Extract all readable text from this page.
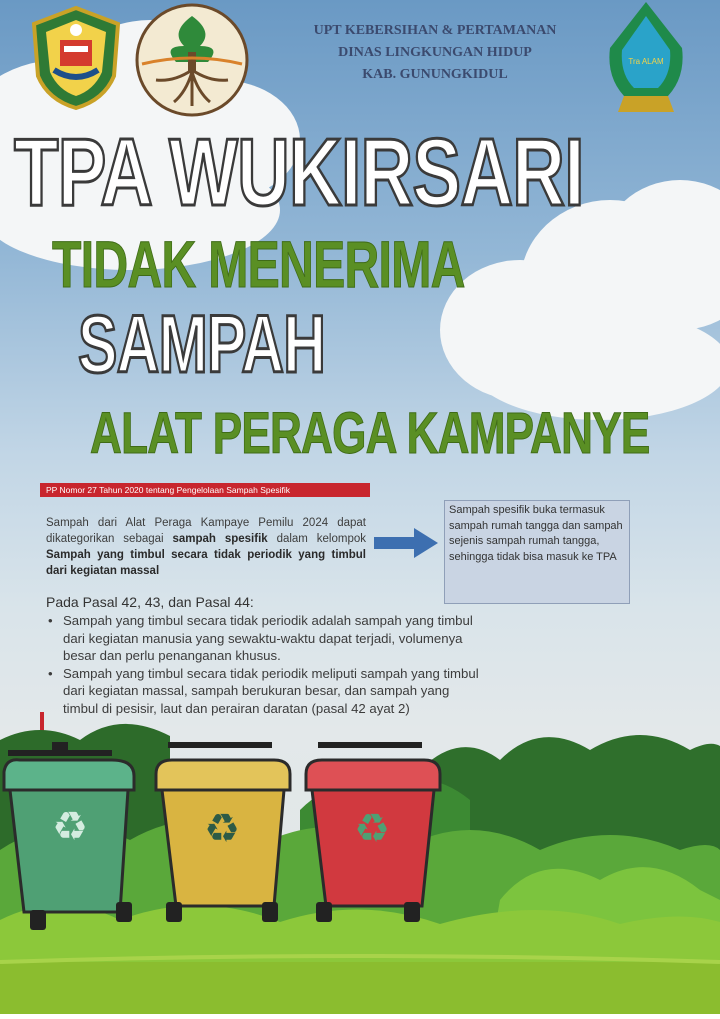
UPT KEBERSIHAN & PERTAMANAN
DINAS LINGKUNGAN HIDUP
KAB. GUNUNGKIDUL
Tra ALAM
TPA WUKIRSARI
TIDAK MENERIMA
SAMPAH
ALAT PERAGA KAMPANYE
PP Nomor 27 Tahun 2020 tentang Pengelolaan Sampah Spesifik
Sampah dari Alat Peraga Kampaye Pemilu 2024 dapat dikategorikan sebagai sampah spesifik dalam kelompok Sampah yang timbul secara tidak periodik yang timbul dari kegiatan massal
Sampah spesifik buka termasuk sampah rumah tangga dan sampah sejenis sampah rumah tangga, sehingga tidak bisa masuk ke TPA
Pada Pasal 42, 43, dan Pasal 44:
• Sampah yang timbul secara tidak periodik adalah sampah yang timbul dari kegiatan manusia yang sewaktu-waktu dapat terjadi, volumenya besar dan perlu penanganan khusus.
• Sampah yang timbul secara tidak periodik meliputi sampah yang timbul dari kegiatan massal, sampah berukuran besar, dan sampah yang timbul di pesisir, laut dan perairan daratan (pasal 42 ayat 2)
♻	♻	♻
